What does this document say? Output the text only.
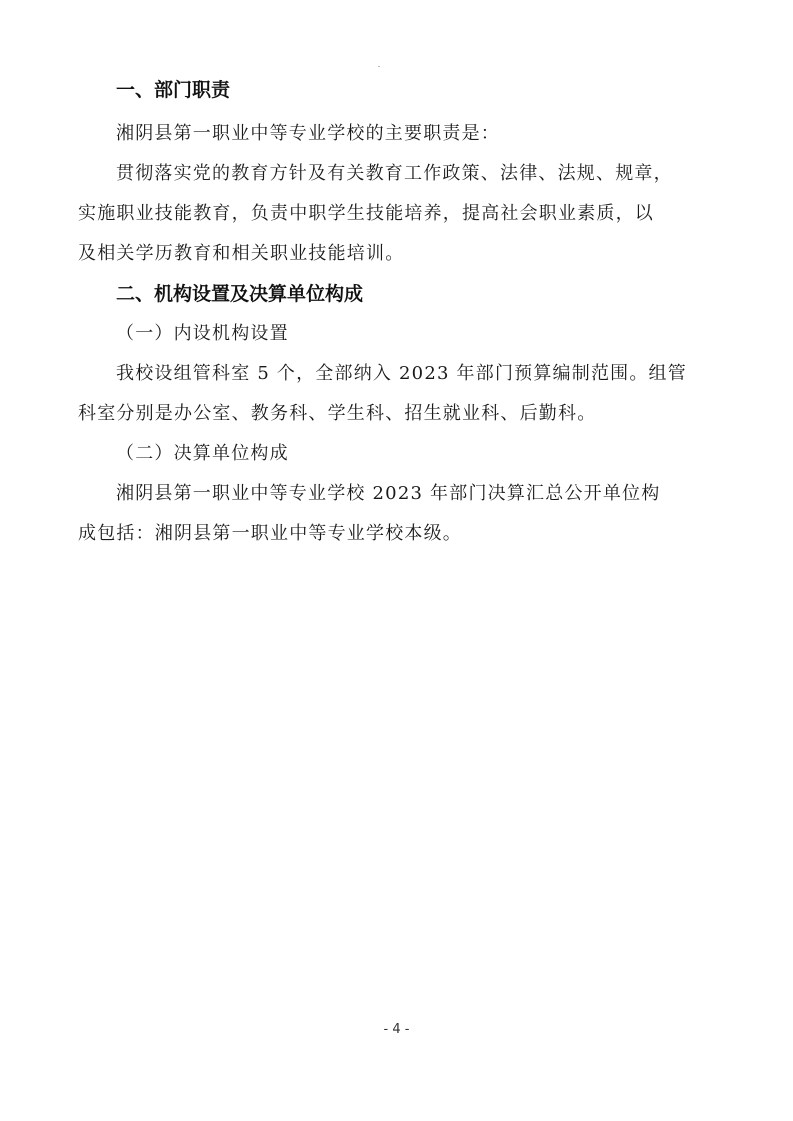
一、部门职责

湘阴县第一职业中等专业学校的主要职责是：

贯彻落实党的教育方针及有关教育工作政策、法律、法规、规章，
实施职业技能教育，负责中职学生技能培养，提高社会职业素质，以
及相关学历教育和相关职业技能培训。

二、机构设置及决算单位构成

（一）内设机构设置

我校设组管科室 5 个，全部纳入 2023 年部门预算编制范围。组管
科室分别是办公室、教务科、学生科、招生就业科、后勤科。

（二）决算单位构成

湘阴县第一职业中等专业学校 2023 年部门决算汇总公开单位构
成包括：湘阴县第一职业中等专业学校本级。

- 4 -
